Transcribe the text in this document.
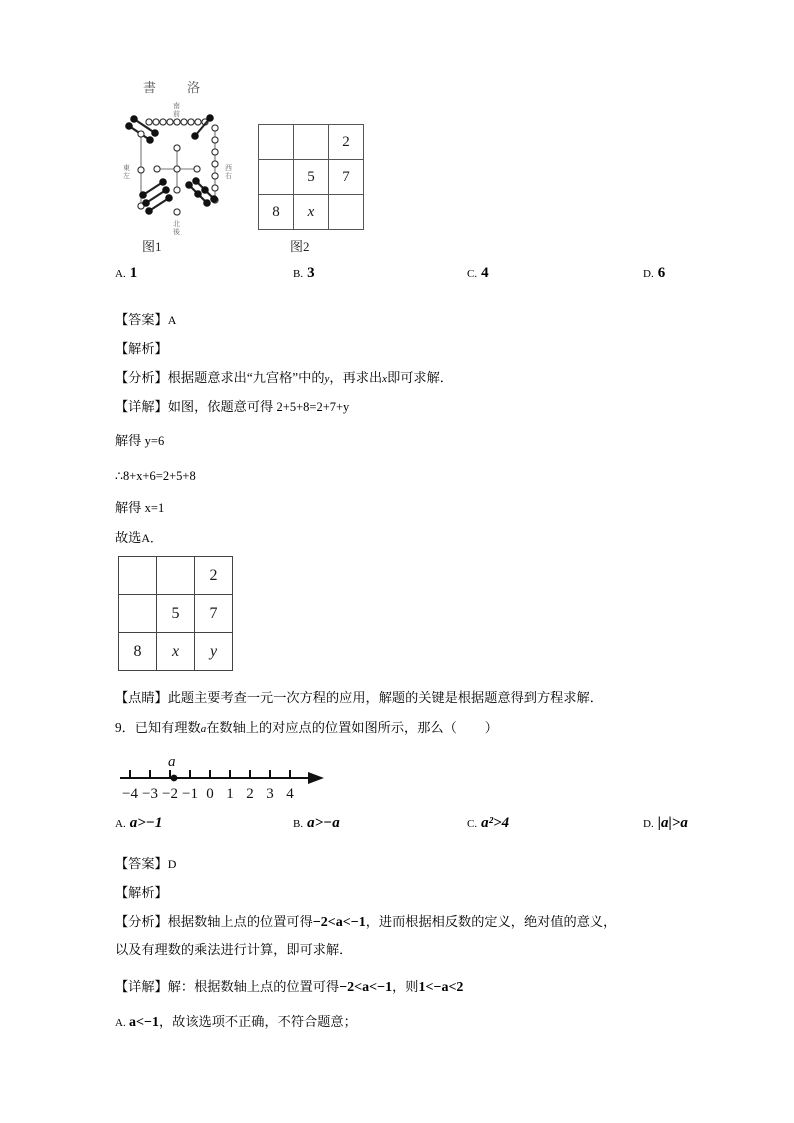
書 洛
南
前
東
左
西
右
北
後
		2
	5	7
8	x	
图1	图2
A. 1	B. 3	C. 4	D. 6
【答案】A
【解析】
【分析】根据题意求出“九宫格”中的y，再求出x即可求解．
【详解】如图，依题意可得 2+5+8=2+7+y
解得 y=6
∴8+x+6=2+5+8
解得 x=1
故选A．
		2
	5	7
8	x	y
【点睛】此题主要考查一元一次方程的应用，解题的关键是根据题意得到方程求解．
9．已知有理数a在数轴上的对应点的位置如图所示，那么（ ）
a
−4 −3 −2 −1 0 1 2 3 4
A. a>−1	B. a>−a	C. a²>4	D. |a|>a
【答案】D
【解析】
【分析】根据数轴上点的位置可得−2<a<−1，进而根据相反数的定义，绝对值的意义，
以及有理数的乘法进行计算，即可求解．
【详解】解：根据数轴上点的位置可得−2<a<−1，则1<−a<2
A. a<−1，故该选项不正确，不符合题意；
